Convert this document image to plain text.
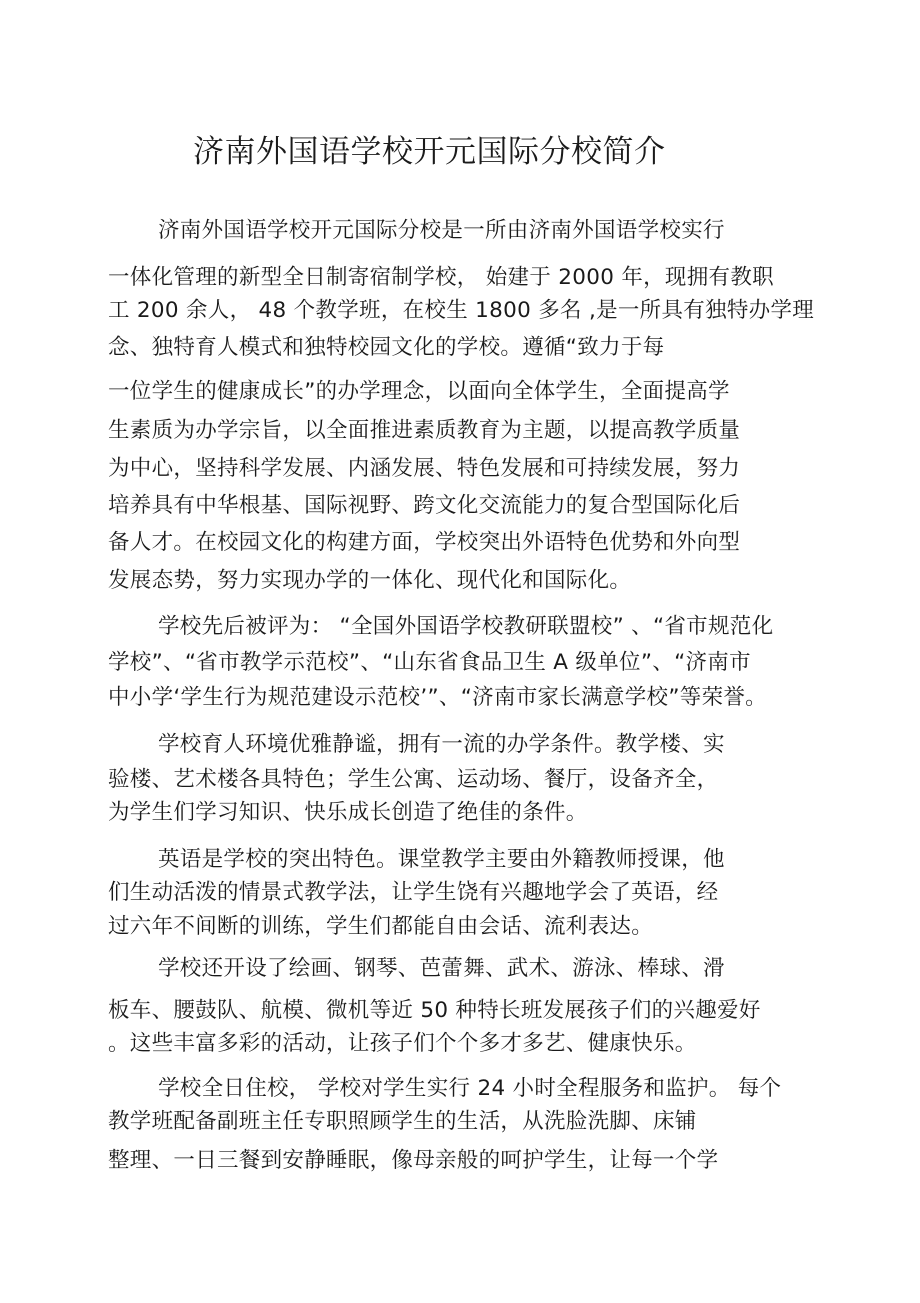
济南外国语学校开元国际分校简介
济南外国语学校开元国际分校是一所由济南外国语学校实行
一体化管理的新型全日制寄宿制学校， 始建于 2000 年，现拥有教职
工 200 余人， 48 个教学班，在校生 1800 多名 ,是一所具有独特办学理
念、独特育人模式和独特校园文化的学校。遵循“致力于每
一位学生的健康成长”的办学理念，以面向全体学生，全面提高学
生素质为办学宗旨，以全面推进素质教育为主题，以提高教学质量
为中心，坚持科学发展、内涵发展、特色发展和可持续发展，努力
培养具有中华根基、国际视野、跨文化交流能力的复合型国际化后
备人才。在校园文化的构建方面，学校突出外语特色优势和外向型
发展态势，努力实现办学的一体化、现代化和国际化。
学校先后被评为： “全国外国语学校教研联盟校” 、“省市规范化
学校”、“省市教学示范校”、“山东省食品卫生 A 级单位”、“济南市
中小学‘学生行为规范建设示范校’”、“济南市家长满意学校”等荣誉。
学校育人环境优雅静谧，拥有一流的办学条件。教学楼、实
验楼、艺术楼各具特色；学生公寓、运动场、餐厅，设备齐全，
为学生们学习知识、快乐成长创造了绝佳的条件。
英语是学校的突出特色。课堂教学主要由外籍教师授课，他
们生动活泼的情景式教学法，让学生饶有兴趣地学会了英语，经
过六年不间断的训练，学生们都能自由会话、流利表达。
学校还开设了绘画、钢琴、芭蕾舞、武术、游泳、棒球、滑
板车、腰鼓队、航模、微机等近 50 种特长班发展孩子们的兴趣爱好
。这些丰富多彩的活动，让孩子们个个多才多艺、健康快乐。
学校全日住校， 学校对学生实行 24 小时全程服务和监护。 每个
教学班配备副班主任专职照顾学生的生活，从洗脸洗脚、床铺
整理、一日三餐到安静睡眠，像母亲般的呵护学生，让每一个学
